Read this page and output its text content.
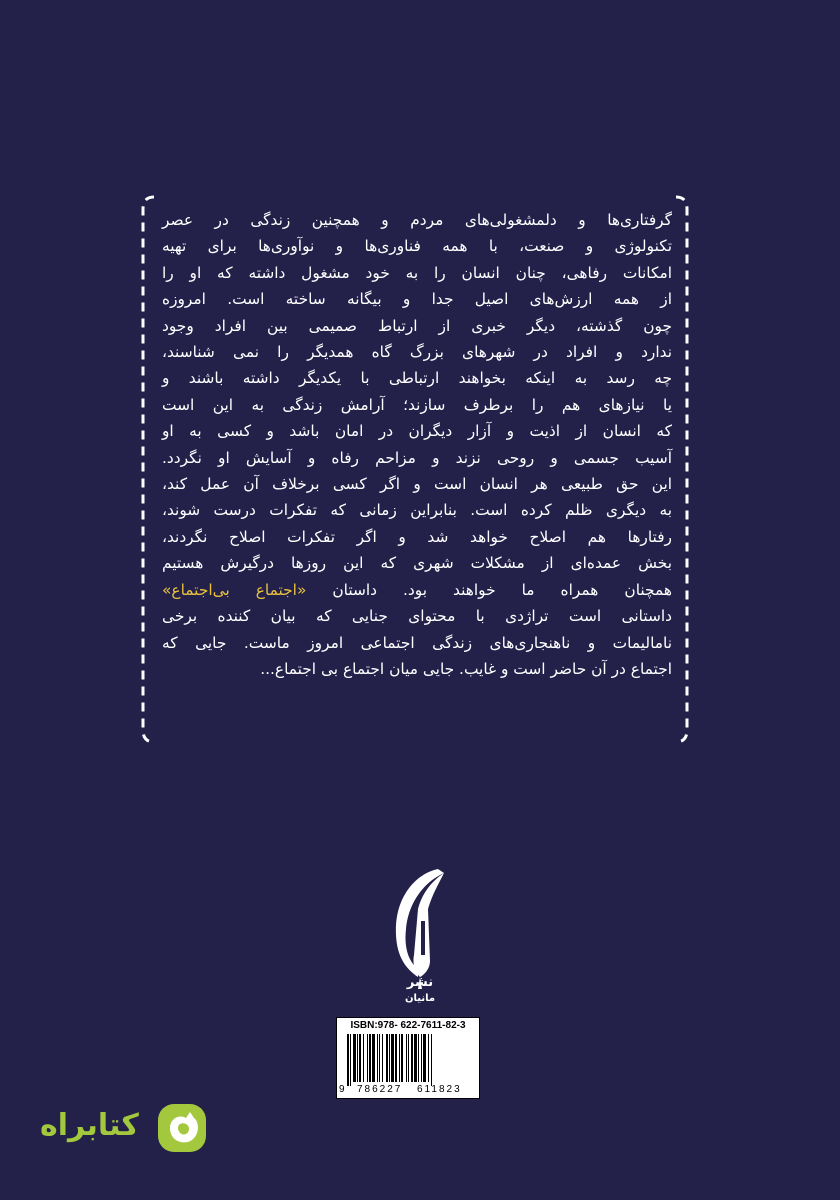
گرفتاری‌ها و دلمشغولی‌های مردم و همچنین زندگی در عصر
تکنولوژی و صنعت، با همه فناوری‌ها و نوآوری‌ها برای تهیه
امکانات رفاهی، چنان انسان را به خود مشغول داشته که او را
از همه ارزش‌های اصیل جدا و بیگانه ساخته است. امروزه
چون گذشته، دیگر خبری از ارتباط صمیمی بین افراد وجود
ندارد و افراد در شهرهای بزرگ گاه همدیگر را نمی شناسند،
چه رسد به اینکه بخواهند ارتباطی با یکدیگر داشته باشند و
یا نیازهای هم را برطرف سازند؛ آرامش زندگی به این است
که انسان از اذیت و آزار دیگران در امان باشد و کسی به او
آسیب جسمی و روحی نزند و مزاحم رفاه و آسایش او نگردد.
این حق طبیعی هر انسان است و اگر کسی برخلاف آن عمل کند،
به دیگری ظلم کرده است. بنابراین زمانی که تفکرات درست شوند،
رفتارها هم اصلاح خواهد شد و اگر تفکرات اصلاح نگردند،
بخش عمده‌ای از مشکلات شهری که این روزها درگیرش هستیم
همچنان همراه ما خواهند بود. داستان «اجتماع بی‌اجتماع»
داستانی است تراژدی با محتوای جنایی که بیان کننده برخی
نامالیمات و ناهنجاری‌های زندگی اجتماعی امروز ماست. جایی که
اجتماع در آن حاضر است و غایب. جایی میان اجتماع بی اجتماع...
نشر
مانیان
ISBN:978- 622-7611-82-3
9 786227 611823
کتابراه
